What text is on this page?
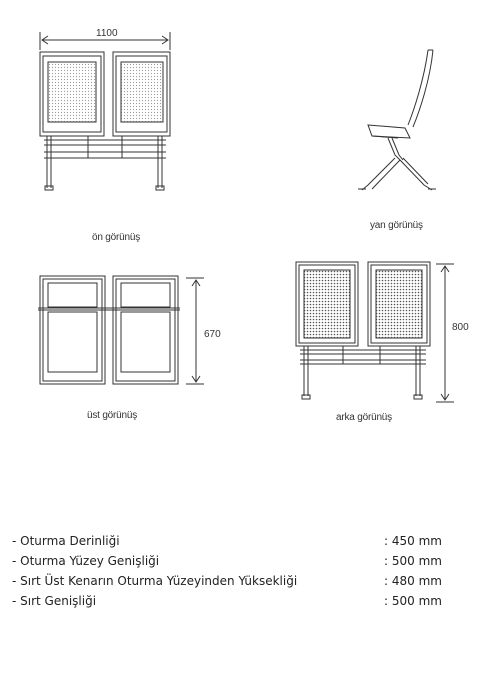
1100
670
800
ön görünüş
yan görünüş
üst görünüş	arka görünüş
- Oturma Derinliği	: 450 mm
- Oturma Yüzey Genişliği	: 500 mm
- Sırt Üst Kenarın Oturma Yüzeyinden Yüksekliği	: 480 mm
- Sırt Genişliği	: 500 mm
